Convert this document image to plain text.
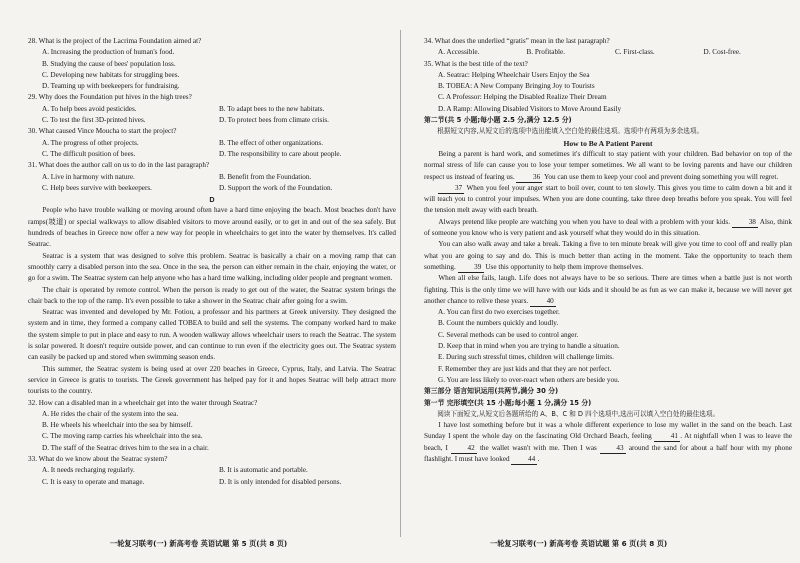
28. What is the project of the Lacrima Foundation aimed at?
A. Increasing the production of human's food.
B. Studying the cause of bees' population loss.
C. Developing new habitats for struggling bees.
D. Teaming up with beekeepers for fundraising.
29. Why does the Foundation put hives in the high trees?
A. To help bees avoid pesticides.	B. To adapt bees to the new habitats.
C. To test the first 3D-printed hives.	D. To protect bees from climate crisis.
30. What caused Vince Moucha to start the project?
A. The progress of other projects.	B. The effect of other organizations.
C. The difficult position of bees.	D. The responsibility to care about people.
31. What does the author call on us to do in the last paragraph?
A. Live in harmony with nature.	B. Benefit from the Foundation.
C. Help bees survive with beekeepers.	D. Support the work of the Foundation.
D
People who have trouble walking or moving around often have a hard time enjoying the beach. Most beaches don't have ramps(坡道) or special walkways to allow disabled visitors to move around easily, or to get in and out of the sea safely. But hundreds of beaches in Greece now offer a new way for people in wheelchairs to get into the water by themselves. It's called Seatrac.
Seatrac is a system that was designed to solve this problem. Seatrac is basically a chair on a moving ramp that can smoothly carry a disabled person into the sea. Once in the sea, the person can either remain in the chair, enjoying the water, or go for a swim. The Seatrac system can help anyone who has a hard time walking, including older people and pregnant women.
The chair is operated by remote control. When the person is ready to get out of the water, the Seatrac system brings the chair back to the top of the ramp. It's even possible to take a shower in the Seatrac chair after going for a swim.
Seatrac was invented and developed by Mr. Fotiou, a professor and his partners at Greek university. They designed the system and in time, they formed a company called TOBEA to build and sell the systems. The company worked hard to make the system simple to put in place and easy to run. A wooden walkway allows wheelchair users to reach the Seatrac. The system is solar powered. It doesn't require outside power, and can continue to run even if the electricity goes out. The Seatrac system can easily be packed up and stored when swimming season ends.
This summer, the Seatrac system is being used at over 220 beaches in Greece, Cyprus, Italy, and Latvia. The Seatrac service in Greece is gratis to tourists. The Greek government has helped pay for it and hopes Seatrac will help attract more tourists to the country.
32. How can a disabled man in a wheelchair get into the water through Seatrac?
A. He rides the chair of the system into the sea.
B. He wheels his wheelchair into the sea by himself.
C. The moving ramp carries his wheelchair into the sea.
D. The staff of the Seatrac drives him to the sea in a chair.
33. What do we know about the Seatrac system?
A. It needs recharging regularly.	B. It is automatic and portable.
C. It is easy to operate and manage.	D. It is only intended for disabled persons.
34. What does the underlied “gratis” mean in the last paragraph?
A. Accessible.	B. Profitable.	C. First-class.	D. Cost-free.
35. What is the best title of the text?
A. Seatrac: Helping Wheelchair Users Enjoy the Sea
B. TOBEA: A New Company Bringing Joy to Tourists
C. A Professor: Helping the Disabled Realize Their Dream
D. A Ramp: Allowing Disabled Visitors to Move Around Easily
第二节(共 5 小题;每小题 2.5 分,满分 12.5 分)
根据短文内容,从短文后的选项中选出能填入空白处的最佳选项。选项中有两项为多余选项。
How to Be A Patient Parent
Being a parent is hard work, and sometimes it's difficult to stay patient with your children. Bad behavior on top of the normal stress of life can cause you to lose your temper sometimes. We all want to be loving parents and have our children respect us instead of fearing us.	36 You can use them to keep your cool and prevent doing something you will regret.
37 When you feel your anger start to boil over, count to ten slowly. This gives you time to calm down a bit and it will teach you to control your impulses. When you are done counting, take three deep breaths before you speak. You will feel the tension melt away with each breath.
Always pretend like people are watching you when you have to deal with a problem with your kids.	38 Also, think of someone you know who is very patient and ask yourself what they would do in this situation.
You can also walk away and take a break. Taking a five to ten minute break will give you time to cool off and really plan what you are going to say and do. This is much better than acting in the moment. Take the opportunity to teach them something.	39 Use this opportunity to help them improve themselves.
When all else fails, laugh. Life does not always have to be so serious. There are times when a battle just is not worth fighting. This is the only time we will have with our kids and it should be as fun as we can make it, because we will never get another chance to relive these years.	40
A. You can first do two exercises together.
B. Count the numbers quickly and loudly.
C. Several methods can be used to control anger.
D. Keep that in mind when you are trying to handle a situation.
E. During such stressful times, children will challenge limits.
F. Remember they are just kids and that they are not perfect.
G. You are less likely to over-react when others are beside you.
第三部分 语言知识运用(共两节,满分 30 分)
第一节 完形填空(共 15 小题;每小题 1 分,满分 15 分)
阅读下面短文,从短文后各题所给的 A、B、C 和 D 四个选项中,选出可以填入空白处的最佳选项。
I have lost something before but it was a whole different experience to lose my wallet in the sand on the beach. Last Sunday I spent the whole day on the fascinating Old Orchard Beach, feeling	41 . At nightfall when I was to leave the beach, I	42 the wallet wasn't with me. Then I was	43 around the sand for about a half hour with my phone flashlight. I must have looked	44 .
一轮复习联考(一) 新高考卷 英语试题 第 5 页(共 8 页)	一轮复习联考(一) 新高考卷 英语试题 第 6 页(共 8 页)
